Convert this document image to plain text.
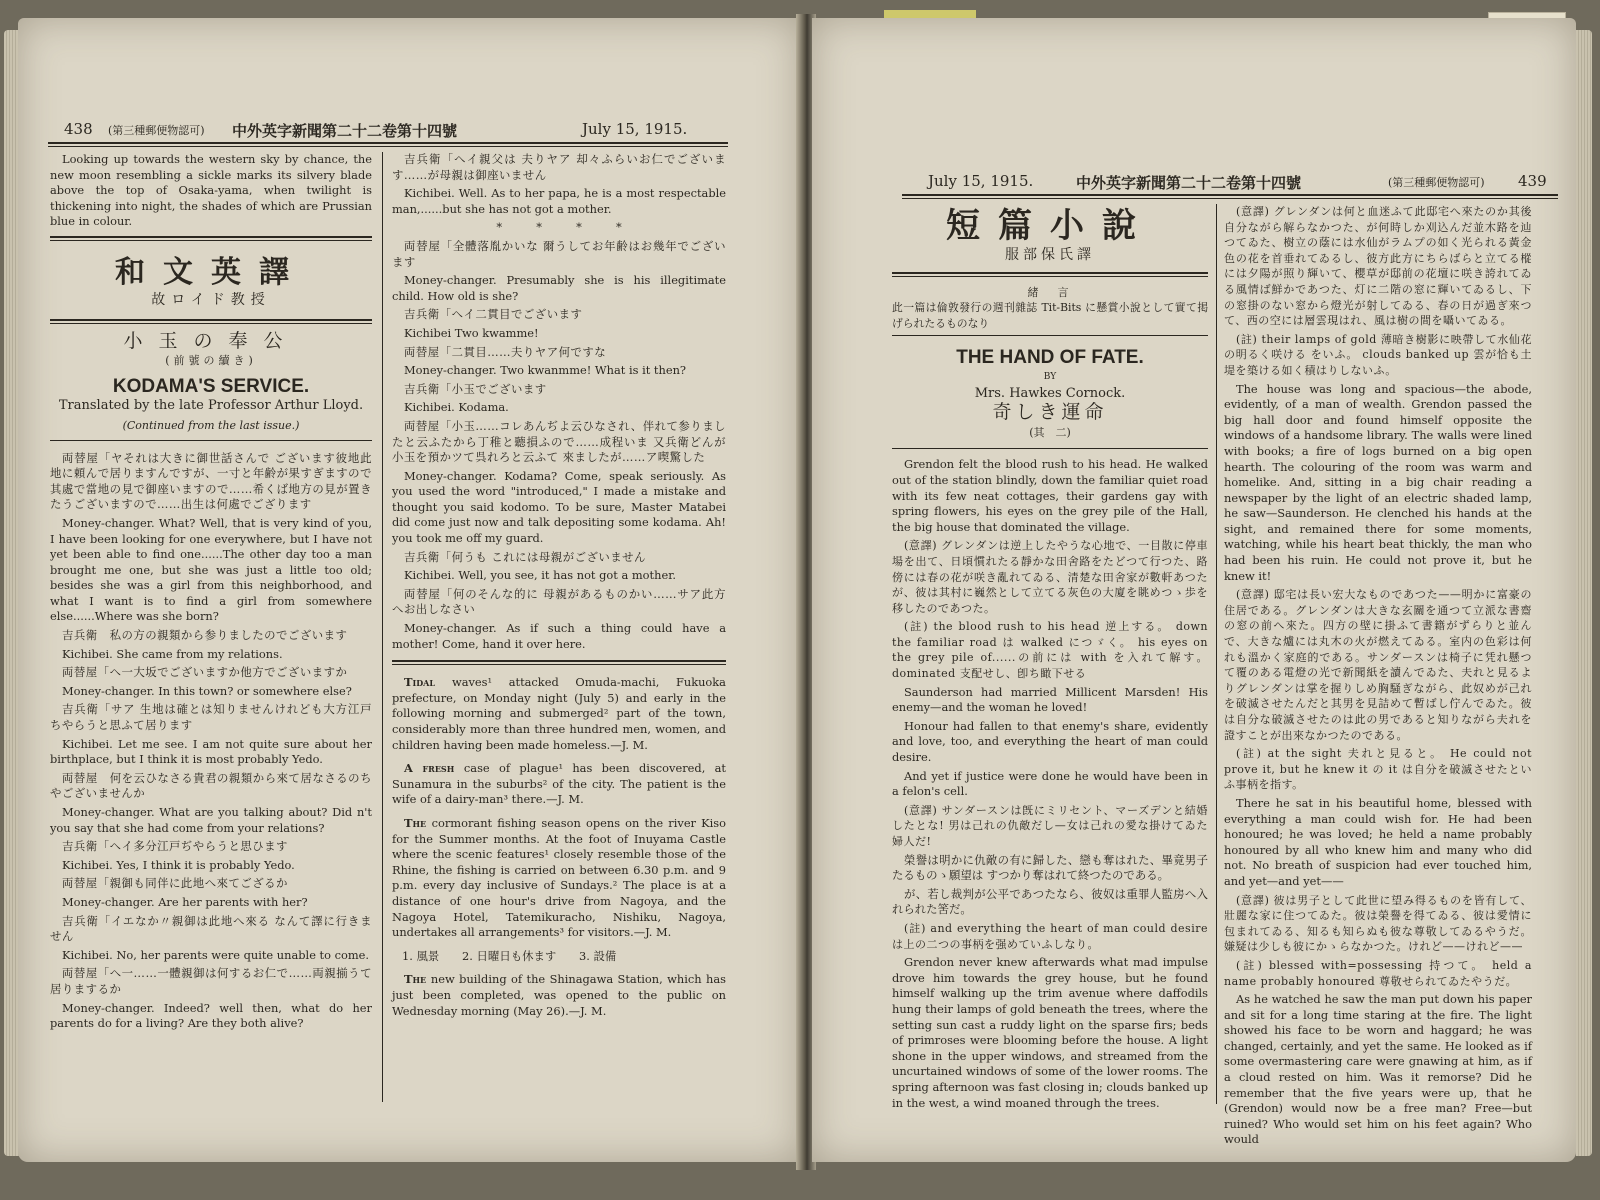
438 (第三種郵便物認可) 中外英字新聞第二十二卷第十四號	July 15, 1915.

Looking up towards the western sky by chance, the new moon resembling a sickle marks its silvery blade above the top of Osaka-yama, when twilight is thickening into night, the shades of which are Prussian blue in colour.

和文英譯
故ロイド教授
小玉の奉公
(前號の續き)
KODAMA'S SERVICE.
Translated by the late Professor Arthur Lloyd.
(Continued from the last issue.)

両替屋「ヤそれは大きに御世話さんで ございます彼地此地に頼んで居りますんですが、一寸と年齢が果すぎますので其處で當地の見で御座いますので……希くば地方の見が置きたうございますので……出生は何處でござります

Money-changer. What? Well, that is very kind of you, I have been looking for one everywhere, but I have not yet been able to find one......The other day too a man brought me one, but she was just a little too old; besides she was a girl from this neighborhood, and what I want is to find a girl from somewhere else......Where was she born?

吉兵衛　私の方の親類から参りましたのでございます

Kichibei. She came from my relations.

両替屋「へ一大坂でございますか他方でございますか

Money-changer. In this town? or somewhere else?

吉兵衛「サア 生地は確とは知りませんけれども大方江戸ちやらうと思ふて居ります

Kichibei. Let me see. I am not quite sure about her birthplace, but I think it is most probably Yedo.

両替屋　何を云ひなさる貴君の親類から來て居なさるのちやございませんか

Money-changer. What are you talking about? Did n't you say that she had come from your relations?

吉兵衛「へイ多分江戸ぢやらうと思ひます

Kichibei. Yes, I think it is probably Yedo.

両替屋「親御も同伴に此地へ來てござるか

Money-changer. Are her parents with her?

吉兵衛「イエなか〃親御は此地へ來る なんて譯に行きません

Kichibei. No, her parents were quite unable to come.

両替屋「へ一……一體親御は何するお仁で……両親揃うて居りまするか

Money-changer. Indeed? well then, what do her parents do for a living? Are they both alive?

吉兵衛「へイ親父は 夫りヤア 却々ふらいお仁でございます……が母親は御座いません

Kichibei. Well. As to her papa, he is a most respectable man,......but she has not got a mother.

*　　　*　　　*　　　*

両替屋「全體落胤かいな 爾うしてお年齢はお幾年でございます

Money-changer. Presumably she is his illegitimate child. How old is she?

吉兵衛「へイ二貫目でございます

Kichibei Two kwamme!

両替屋「二貫目……夫りヤア何ですな

Money-changer. Two kwanmme! What is it then?

吉兵衛「小玉でございます

Kichibei. Kodama.

両替屋「小玉……コレあんぢよ云ひなされ、伴れて参りましたと云ふたから丁稚と聽損ふので……成程いま 又兵衛どんが小玉を預かツて呉れろと云ふて 來ましたが……ア喫驚した

Money-changer. Kodama? Come, speak seriously. As you used the word "introduced," I made a mistake and thought you said kodomo. To be sure, Master Matabei did come just now and talk depositing some kodama. Ah! you took me off my guard.

吉兵衛「何うも これには母親がございません

Kichibei. Well, you see, it has not got a mother.

両替屋「何のそんな的に 母親があるものかい……サア此方へお出しなさい

Money-changer. As if such a thing could have a mother! Come, hand it over here.

Tidal waves¹ attacked Omuda-machi, Fukuoka prefecture, on Monday night (July 5) and early in the following morning and submerged² part of the town, considerably more than three hundred men, women, and children having been made homeless.—J. M.

A fresh case of plague¹ has been discovered, at Sunamura in the suburbs² of the city. The patient is the wife of a dairy-man³ there.—J. M.

The cormorant fishing season opens on the river Kiso for the Summer months. At the foot of Inuyama Castle where the scenic features¹ closely resemble those of the Rhine, the fishing is carried on between 6.30 p.m. and 9 p.m. every day inclusive of Sundays.² The place is at a distance of one hour's drive from Nagoya, and the Nagoya Hotel, Tatemikuracho, Nishiku, Nagoya, undertakes all arrangements³ for visitors.—J. M.

1. 風景　　2. 日曜日も休ます　　3. 設備

The new building of the Shinagawa Station, which has just been completed, was opened to the public on Wednesday morning (May 26).—J. M.

July 15, 1915.	中外英字新聞第二十二卷第十四號	(第三種郵便物認可) 439
短篇小說
服部保氏譯
緒　言

此一篇は倫敦發行の週刊雜誌 Tit-Bits に懸賞小說として實て掲げられたるものなり

THE HAND OF FATE.
BY
Mrs. Hawkes Cornock.
奇しき運命
(其　二)

Grendon felt the blood rush to his head. He walked out of the station blindly, down the familiar quiet road with its few neat cottages, their gardens gay with spring flowers, his eyes on the grey pile of the Hall, the big house that dominated the village.

(意譯) グレンダンは逆上したやうな心地で、一目散に停車場を出て、日頃慣れたる靜かな田舍路をたどつて行つた、路傍には春の花が咲き亂れてゐる、清楚な田舍家が數軒あつたが、彼は其村に巍然として立てる灰色の大廈を眺めつゝ歩を移したのであつた。

(註) the blood rush to his head 逆上する。 down the familiar road は walked につゞく。 his eyes on the grey pile of......の前には with を入れて解す。 dominated 支配せし、卽ち瞰下せる

Saunderson had married Millicent Marsden! His enemy—and the woman he loved!

Honour had fallen to that enemy's share, evidently and love, too, and everything the heart of man could desire.

And yet if justice were done he would have been in a felon's cell.

(意譯) サンダースンは旣にミリセント、マーズデンと結婚したとな! 男は己れの仇敵だし—女は己れの愛な掛けてゐた婦人だ!

榮譽は明かに仇敵の有に歸した、戀も奪はれた、畢竟男子たるものゝ願望は すつかり奪はれて終つたのである。

が、若し裁判が公平であつたなら、彼奴は重罪人監房へ入れられた筈だ。

(註) and everything the heart of man could desire は上の二つの事柄を强めていふしなり。

Grendon never knew afterwards what mad impulse drove him towards the grey house, but he found himself walking up the trim avenue where daffodils hung their lamps of gold beneath the trees, where the setting sun cast a ruddy light on the sparse firs; beds of primroses were blooming before the house. A light shone in the upper windows, and streamed from the uncurtained windows of some of the lower rooms. The spring afternoon was fast closing in; clouds banked up in the west, a wind moaned through the trees.

(意譯) グレンダンは何と血迷ふて此邸宅へ來たのか其後自分ながら解らなかつた、が何時しか刈込んだ並木路を辿つてゐた、樹立の蔭には水仙がラムプの如く光られる黃金色の花を首垂れてゐるし、彼方此方にちらばらと立てる樅には夕陽が照り輝いて、櫻草が邸前の花壇に咲き誇れてゐる風情ば鮮かであつた、灯に二階の窓に輝いてゐるし、下の窓掛のない窓から燈光が射してゐる、春の日が過ぎ來つて、西の空には層雲現はれ、風は樹の間を囁いてゐる。

(註) their lamps of gold 薄暗き樹影に映帶して水仙花の明るく咲ける をいふ。 clouds banked up 雲が恰も土堤を築ける如く積はりしないふ。

The house was long and spacious—the abode, evidently, of a man of wealth. Grendon passed the big hall door and found himself opposite the windows of a handsome library. The walls were lined with books; a fire of logs burned on a big open hearth. The colouring of the room was warm and homelike. And, sitting in a big chair reading a newspaper by the light of an electric shaded lamp, he saw—Saunderson. He clenched his hands at the sight, and remained there for some moments, watching, while his heart beat thickly, the man who had been his ruin. He could not prove it, but he knew it!

(意譯) 邸宅は長い宏大なものであつた——明かに富豪の住居である。グレンダンは大きな玄關を通つて立派な書齋の窓の前へ來た。四方の壁に掛ふて書籍がずらりと並んで、大きな爐には丸木の火が燃えてゐる。室内の色彩は何れも溫かく家庭的である。サンダースンは椅子に凭れ懸つて覆のある電燈の光で新聞紙を讀んでゐた、夫れと見るよりグレンダンは掌を握りしめ胸騒ぎながら、此奴めが己れを破滅させたんだと其男を見詰めて暫ばし佇んでゐた。彼は自分な破滅させたのは此の男であると知りながら夫れを證すことが出來なかつたのである。

(註) at the sight 夫れと見ると。 He could not prove it, but he knew it の it は自分を破滅させたといふ事柄を指す。

There he sat in his beautiful home, blessed with everything a man could wish for. He had been honoured; he was loved; he held a name probably honoured by all who knew him and many who did not. No breath of suspicion had ever touched him, and yet—and yet——

(意譯) 彼は男子として此世に望み得るものを皆有して、壯麗な家に住つてゐた。彼は榮譽を得てゐる、彼は愛情に包まれてゐる、知るも知らぬも彼な尊敬してゐるやうだ。嫌疑は少しも彼にかゝらなかつた。けれど——けれど——

(註) blessed with=possessing 持つて。 held a name probably honoured 尊敬せられてゐたやうだ。

As he watched he saw the man put down his paper and sit for a long time staring at the fire. The light showed his face to be worn and haggard; he was changed, certainly, and yet the same. He looked as if some overmastering care were gnawing at him, as if a cloud rested on him. Was it remorse? Did he remember that the five years were up, that he (Grendon) would now be a free man? Free—but ruined? Who would set him on his feet again? Who would
